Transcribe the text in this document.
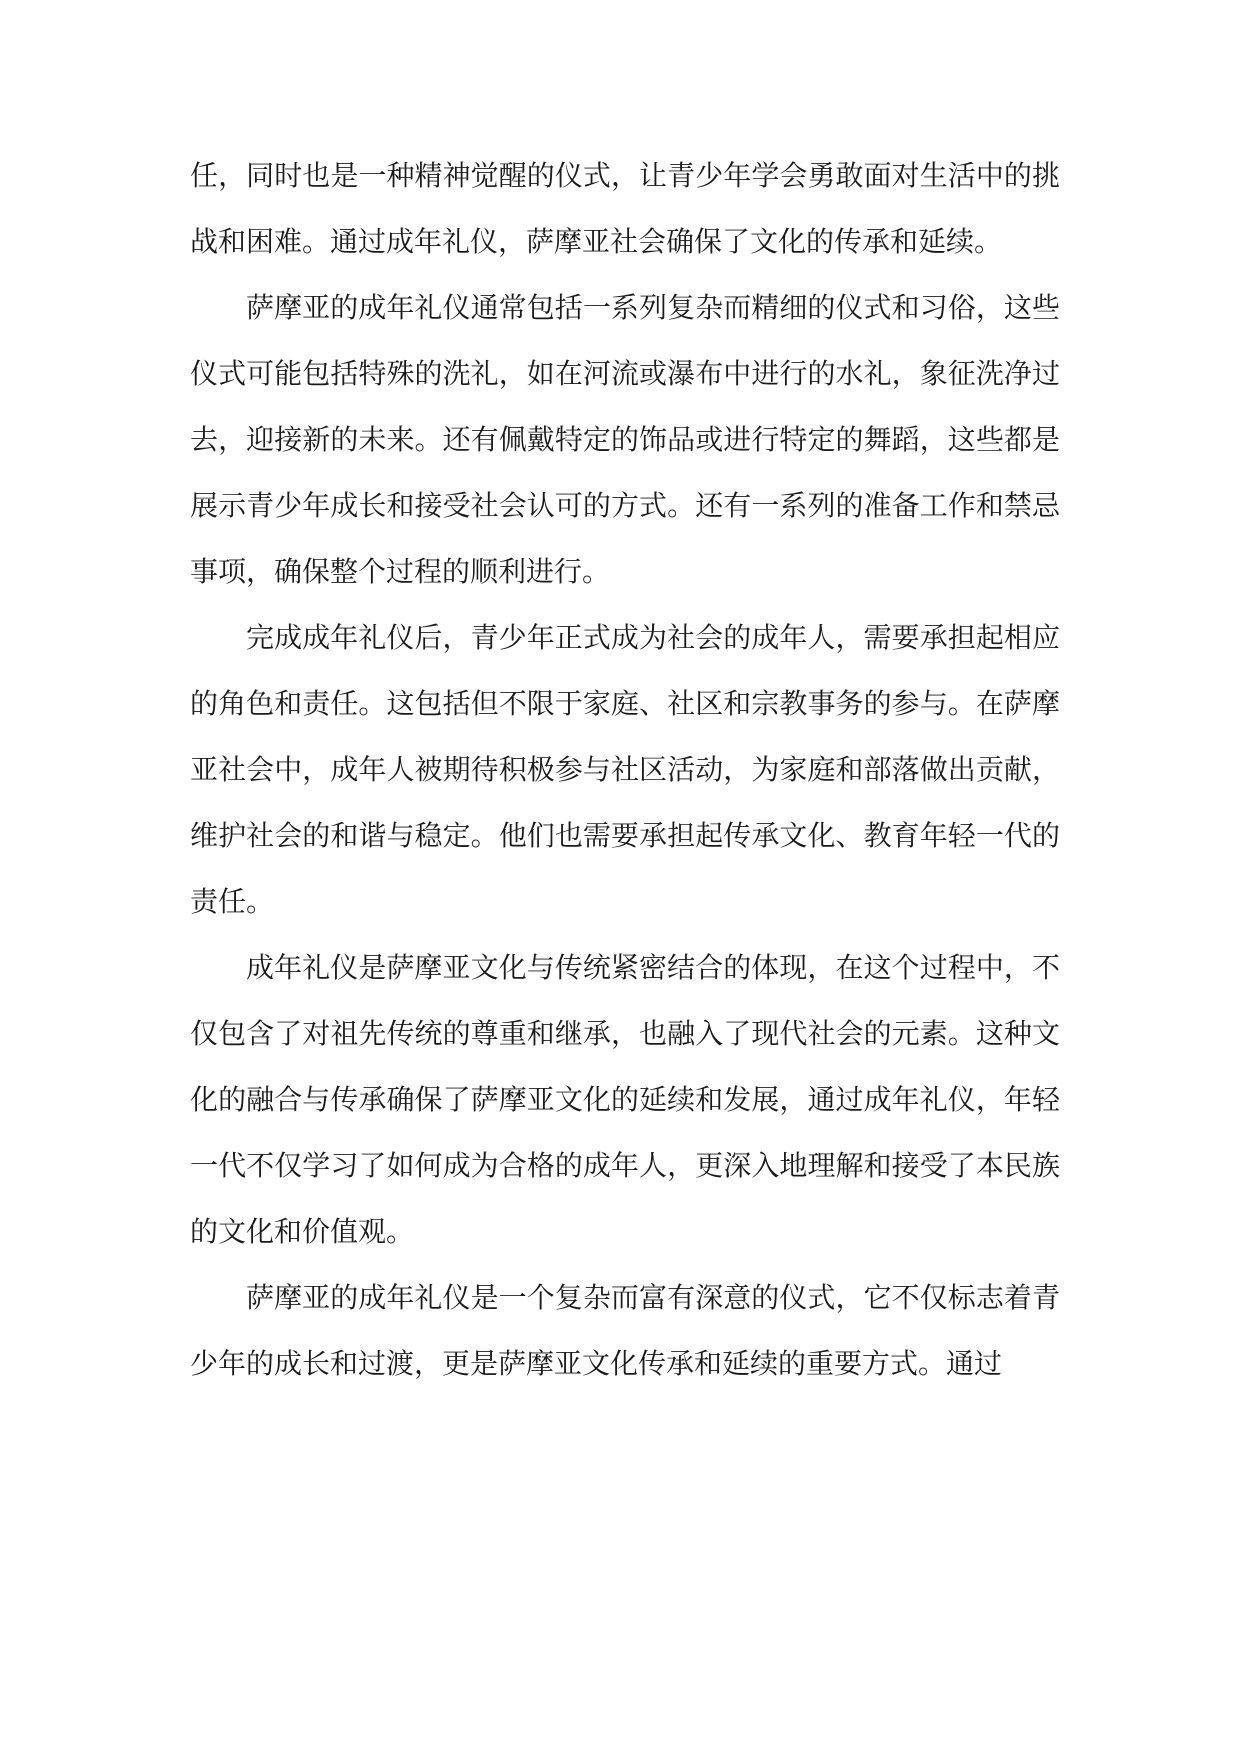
任，同时也是一种精神觉醒的仪式，让青少年学会勇敢面对生活中的挑战和困难。通过成年礼仪，萨摩亚社会确保了文化的传承和延续。

萨摩亚的成年礼仪通常包括一系列复杂而精细的仪式和习俗，这些仪式可能包括特殊的洗礼，如在河流或瀑布中进行的水礼，象征洗净过去，迎接新的未来。还有佩戴特定的饰品或进行特定的舞蹈，这些都是展示青少年成长和接受社会认可的方式。还有一系列的准备工作和禁忌事项，确保整个过程的顺利进行。

完成成年礼仪后，青少年正式成为社会的成年人，需要承担起相应的角色和责任。这包括但不限于家庭、社区和宗教事务的参与。在萨摩亚社会中，成年人被期待积极参与社区活动，为家庭和部落做出贡献，维护社会的和谐与稳定。他们也需要承担起传承文化、教育年轻一代的责任。

成年礼仪是萨摩亚文化与传统紧密结合的体现，在这个过程中，不仅包含了对祖先传统的尊重和继承，也融入了现代社会的元素。这种文化的融合与传承确保了萨摩亚文化的延续和发展，通过成年礼仪，年轻一代不仅学习了如何成为合格的成年人，更深入地理解和接受了本民族的文化和价值观。

萨摩亚的成年礼仪是一个复杂而富有深意的仪式，它不仅标志着青少年的成长和过渡，更是萨摩亚文化传承和延续的重要方式。通过
